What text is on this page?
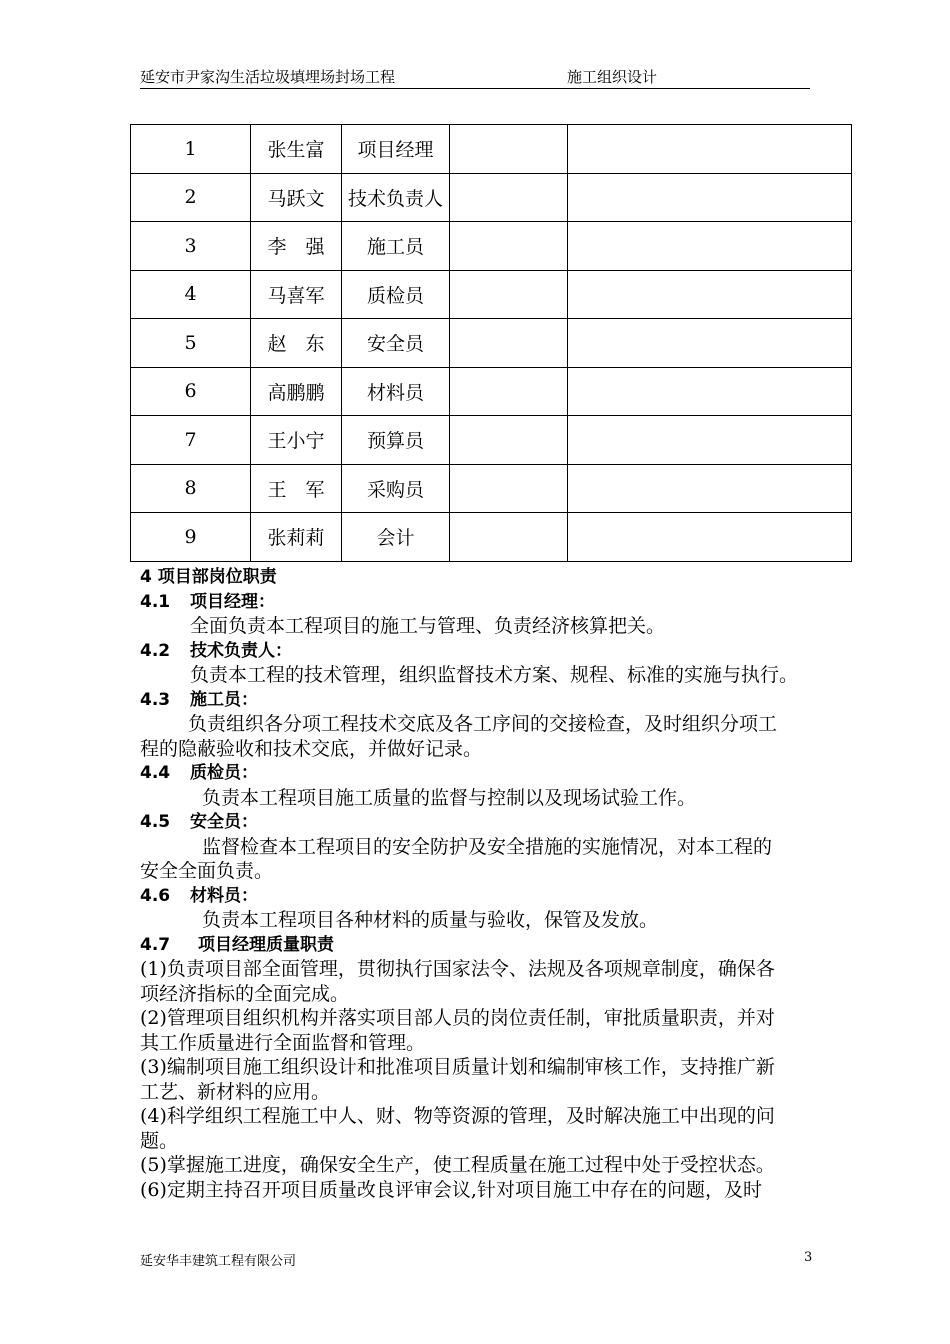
延安市尹家沟生活垃圾填埋场封场工程	施工组织设计
1	张生富	项目经理		
2	马跃文	技术负责人		
3	李　强	施工员		
4	马喜军	质检员		
5	赵　东	安全员		
6	高鹏鹏	材料员		
7	王小宁	预算员		
8	王　军	采购员		
9	张莉莉	会计		

4 项目部岗位职责

4.1 项目经理：

全面负责本工程项目的施工与管理、负责经济核算把关。

4.2 技术负责人：

负责本工程的技术管理，组织监督技术方案、规程、标准的实施与执行。

4.3 施工员：

负责组织各分项工程技术交底及各工序间的交接检查，及时组织分项工

程的隐蔽验收和技术交底，并做好记录。

4.4 质检员：

负责本工程项目施工质量的监督与控制以及现场试验工作。

4.5 安全员：

监督检查本工程项目的安全防护及安全措施的实施情况，对本工程的

安全全面负责。

4.6 材料员：

负责本工程项目各种材料的质量与验收，保管及发放。

4.7 项目经理质量职责

(1)负责项目部全面管理，贯彻执行国家法令、法规及各项规章制度，确保各

项经济指标的全面完成。

(2)管理项目组织机构并落实项目部人员的岗位责任制，审批质量职责，并对

其工作质量进行全面监督和管理。

(3)编制项目施工组织设计和批准项目质量计划和编制审核工作，支持推广新

工艺、新材料的应用。

(4)科学组织工程施工中人、财、物等资源的管理，及时解决施工中出现的问

题。

(5)掌握施工进度，确保安全生产，使工程质量在施工过程中处于受控状态。

(6)定期主持召开项目质量改良评审会议,针对项目施工中存在的问题，及时

延安华丰建筑工程有限公司	3
